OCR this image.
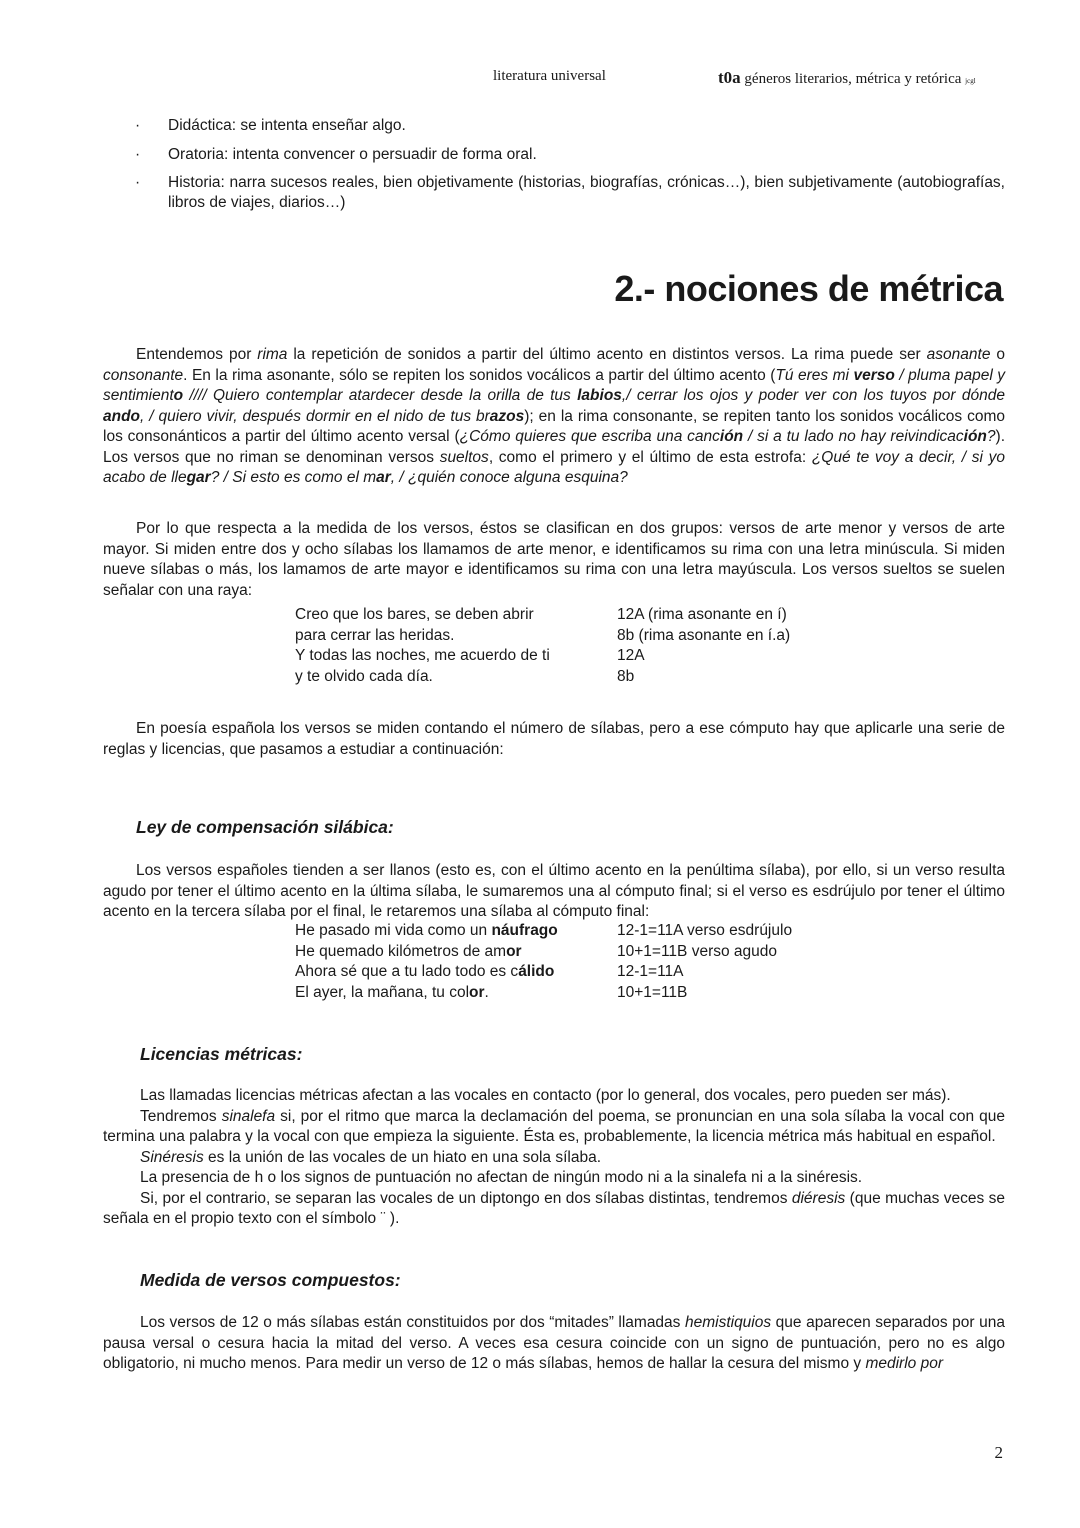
literatura universal	t0a géneros literarios, métrica y retórica jcgl
· Didáctica: se intenta enseñar algo.
· Oratoria: intenta convencer o persuadir de forma oral.
· Historia: narra sucesos reales, bien objetivamente (historias, biografías, crónicas…), bien subjetivamente (autobiografías, libros de viajes, diarios…)
2.- nociones de métrica
Entendemos por rima la repetición de sonidos a partir del último acento en distintos versos. La rima puede ser asonante o consonante. En la rima asonante, sólo se repiten los sonidos vocálicos a partir del último acento (Tú eres mi verso / pluma papel y sentimiento //// Quiero contemplar atardecer desde la orilla de tus labios,/ cerrar los ojos y poder ver con los tuyos por dónde ando, / quiero vivir, después dormir en el nido de tus brazos); en la rima consonante, se repiten tanto los sonidos vocálicos como los consonánticos a partir del último acento versal (¿Cómo quieres que escriba una canción / si a tu lado no hay reivindicación?). Los versos que no riman se denominan versos sueltos, como el primero y el último de esta estrofa: ¿Qué te voy a decir, / si yo acabo de llegar? / Si esto es como el mar, / ¿quién conoce alguna esquina?
Por lo que respecta a la medida de los versos, éstos se clasifican en dos grupos: versos de arte menor y versos de arte mayor. Si miden entre dos y ocho sílabas los llamamos de arte menor, e identificamos su rima con una letra minúscula. Si miden nueve sílabas o más, los lamamos de arte mayor e identificamos su rima con una letra mayúscula. Los versos sueltos se suelen señalar con una raya:
Creo que los bares, se deben abrir	12A (rima asonante en í)
para cerrar las heridas.	8b (rima asonante en í.a)
Y todas las noches, me acuerdo de ti	12A
y te olvido cada día.	8b
En poesía española los versos se miden contando el número de sílabas, pero a ese cómputo hay que aplicarle una serie de reglas y licencias, que pasamos a estudiar a continuación:
Ley de compensación silábica:
Los versos españoles tienden a ser llanos (esto es, con el último acento en la penúltima sílaba), por ello, si un verso resulta agudo por tener el último acento en la última sílaba, le sumaremos una al cómputo final; si el verso es esdrújulo por tener el último acento en la tercera sílaba por el final, le retaremos una sílaba al cómputo final:
He pasado mi vida como un náufrago	12-1=11A verso esdrújulo
He quemado kilómetros de amor	10+1=11B verso agudo
Ahora sé que a tu lado todo es cálido	12-1=11A
El ayer, la mañana, tu color.	10+1=11B
Licencias métricas:

Las llamadas licencias métricas afectan a las vocales en contacto (por lo general, dos vocales, pero pueden ser más).

Tendremos sinalefa si, por el ritmo que marca la declamación del poema, se pronuncian en una sola sílaba la vocal con que termina una palabra y la vocal con que empieza la siguiente. Ésta es, probablemente, la licencia métrica más habitual en español.

Sinéresis es la unión de las vocales de un hiato en una sola sílaba.

La presencia de h o los signos de puntuación no afectan de ningún modo ni a la sinalefa ni a la sinéresis.

Si, por el contrario, se separan las vocales de un diptongo en dos sílabas distintas, tendremos diéresis (que muchas veces se señala en el propio texto con el símbolo ¨ ).

Medida de versos compuestos:
Los versos de 12 o más sílabas están constituidos por dos “mitades” llamadas hemistiquios que aparecen separados por una pausa versal o cesura hacia la mitad del verso. A veces esa cesura coincide con un signo de puntuación, pero no es algo obligatorio, ni mucho menos. Para medir un verso de 12 o más sílabas, hemos de hallar la cesura del mismo y medirlo por
2
